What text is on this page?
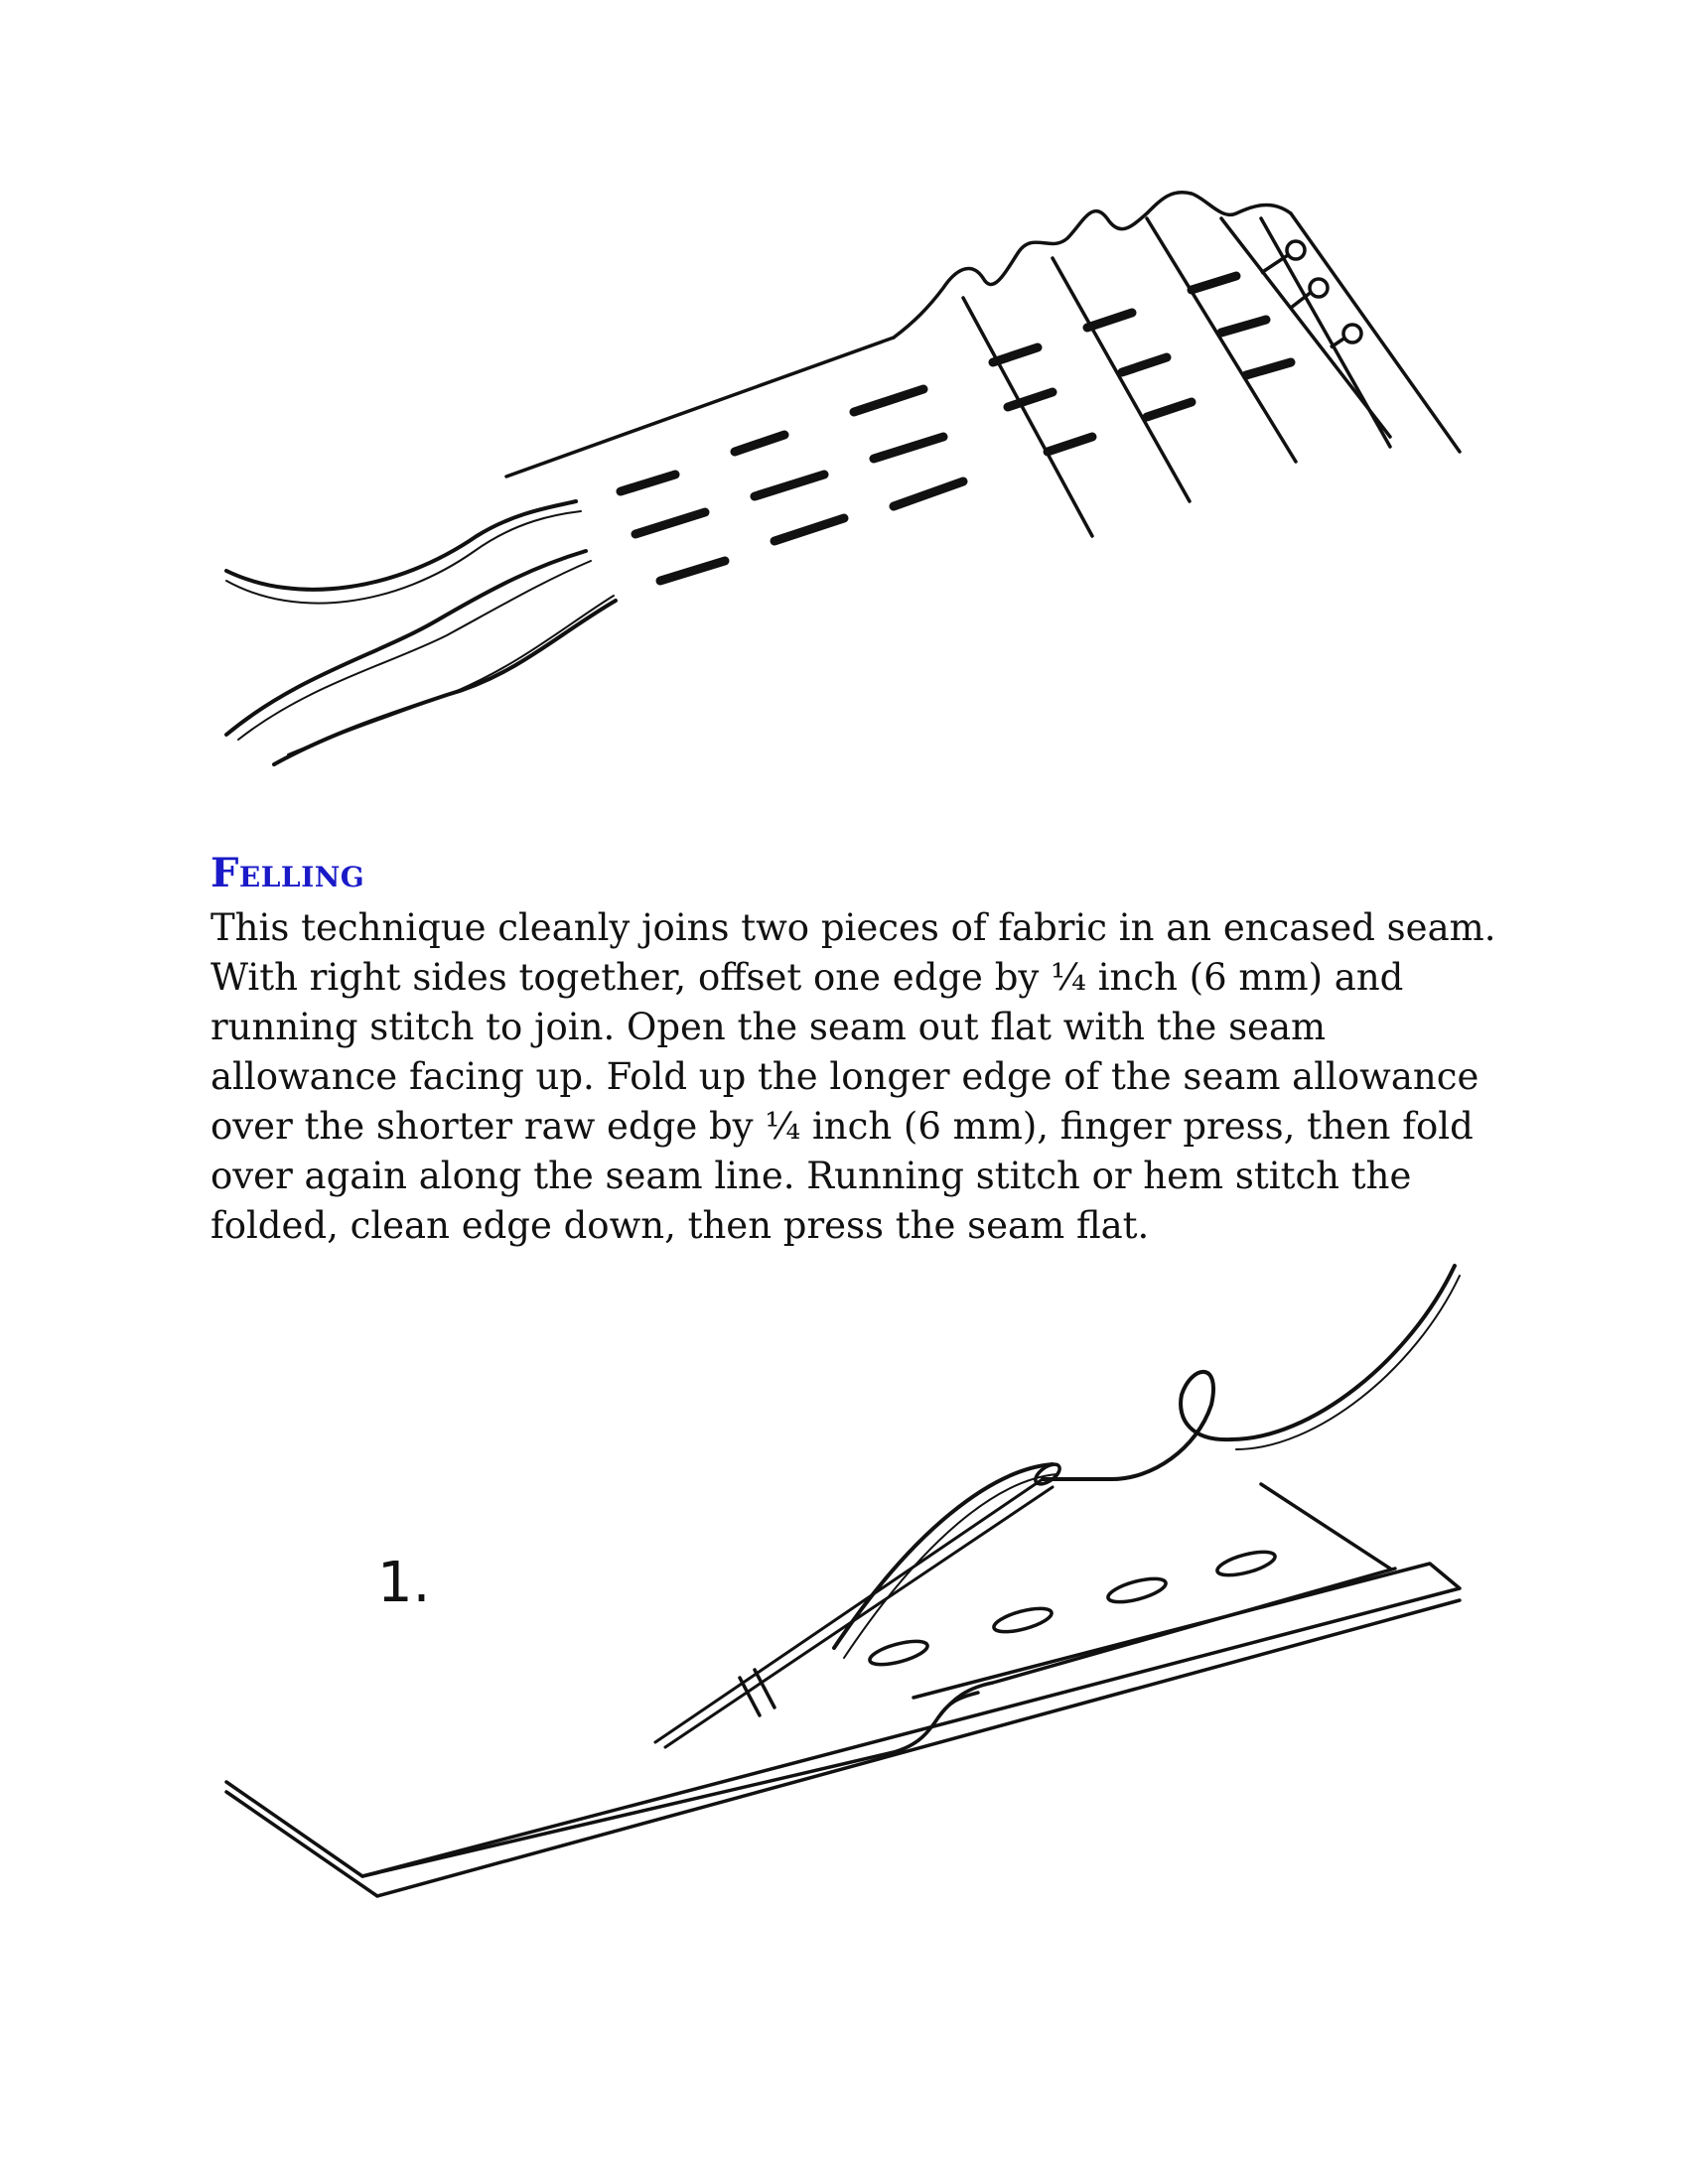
Felling

This technique cleanly joins two pieces of fabric in an encased seam.
With right sides together, offset one edge by ¼ inch (6 mm) and
running stitch to join. Open the seam out flat with the seam
allowance facing up. Fold up the longer edge of the seam allowance
over the shorter raw edge by ¼ inch (6 mm), finger press, then fold
over again along the seam line. Running stitch or hem stitch the
folded, clean edge down, then press the seam flat.

1.
